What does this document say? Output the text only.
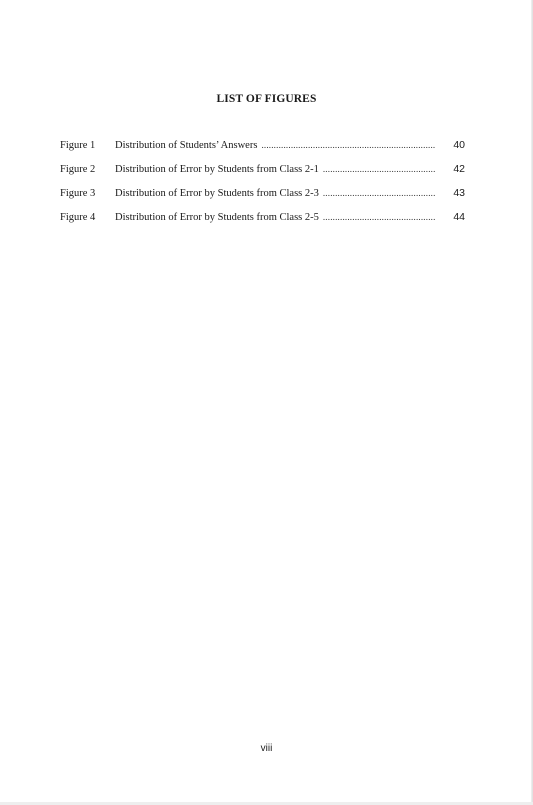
LIST OF FIGURES
Figure 1	Distribution of Students’ Answers .....	40
Figure 2	Distribution of Error by Students from Class 2-1 .....	42
Figure 3	Distribution of Error by Students from Class 2-3 .....	43
Figure 4	Distribution of Error by Students from Class 2-5 .....	44
viii
